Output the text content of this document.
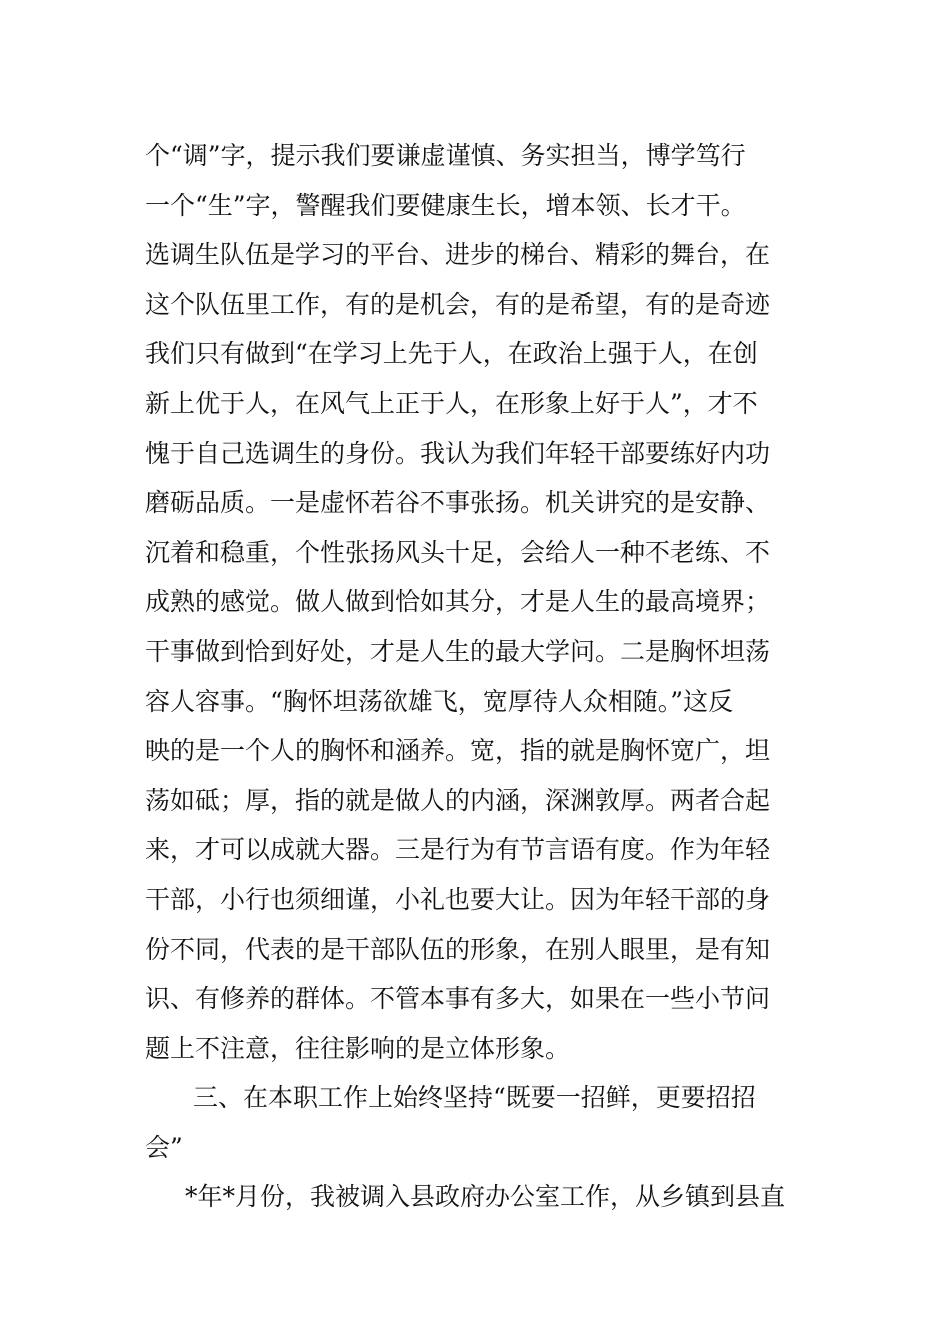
个“调”字，提示我们要谦虚谨慎、务实担当，博学笃行
一个“生”字，警醒我们要健康生长，增本领、长才干。
选调生队伍是学习的平台、进步的梯台、精彩的舞台，在
这个队伍里工作，有的是机会，有的是希望，有的是奇迹
我们只有做到“在学习上先于人，在政治上强于人，在创
新上优于人，在风气上正于人，在形象上好于人”，才不
愧于自己选调生的身份。我认为我们年轻干部要练好内功
磨砺品质。一是虚怀若谷不事张扬。机关讲究的是安静、
沉着和稳重，个性张扬风头十足，会给人一种不老练、不
成熟的感觉。做人做到恰如其分，才是人生的最高境界；
干事做到恰到好处，才是人生的最大学问。二是胸怀坦荡
容人容事。“胸怀坦荡欲雄飞，宽厚待人众相随。”这反
映的是一个人的胸怀和涵养。宽，指的就是胸怀宽广，坦
荡如砥；厚，指的就是做人的内涵，深渊敦厚。两者合起
来，才可以成就大器。三是行为有节言语有度。作为年轻
干部，小行也须细谨，小礼也要大让。因为年轻干部的身
份不同，代表的是干部队伍的形象，在别人眼里，是有知
识、有修养的群体。不管本事有多大，如果在一些小节问
题上不注意，往往影响的是立体形象。
三、在本职工作上始终坚持“既要一招鲜，更要招招
会”
*年*月份，我被调入县政府办公室工作，从乡镇到县直
